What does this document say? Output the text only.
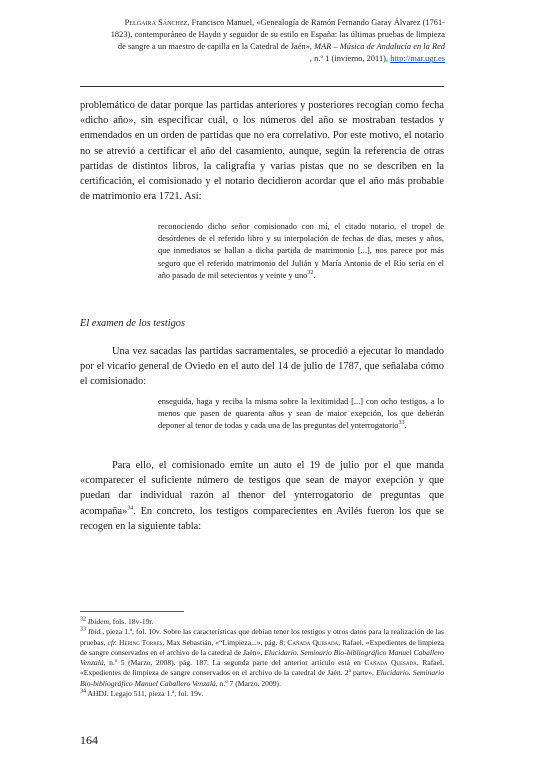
Pelgaira Sánchez, Francisco Manuel, «Genealogía de Ramón Fernando Garay Álvarez (1761-
1823), contemporáneo de Haydn y seguidor de su estilo en España: las últimas pruebas de limpieza
de sangre a un maestro de capilla en la Catedral de Jaén», MAR – Música de Andalucía en la Red
, n.º 1 (invierno, 2011), http://mar.ugr.es

problemático de datar porque las partidas anteriores y posteriores recogían como fecha «dicho año», sin especificar cuál, o los números del año se mostraban testados y enmendados en un orden de partidas que no era correlativo. Por este motivo, el notario no se atrevió a certificar el año del casamiento, aunque, según la referencia de otras partidas de distintos libros, la caligrafía y varias pistas que no se describen en la certificación, el comisionado y el notario decidieron acordar que el año más probable de matrimonio era 1721. Así:

reconociendo dicho señor comisionado con mí, el citado notario, el tropel de desórdenes de el referido libro y su interpolación de fechas de días, meses y años, que inmediatos se hallan a dicha partida de matrimonio [...], nos parece por más seguro que el referido matrimonio del Julián y María Antonia de el Río sería en el año pasado de mil setecientos y veinte y uno$^{32}$.

El examen de los testigos

Una vez sacadas las partidas sacramentales, se procedió a ejecutar lo mandado por el vicario general de Oviedo en el auto del 14 de julio de 1787, que señalaba cómo el comisionado:

enseguida, haga y reciba la misma sobre la lexitimidad [...] con ocho testigos, a lo menos que pasen de quarenta años y sean de maior exepción, los que deberán deponer al tenor de todas y cada una de las preguntas del ynterrogatorio$^{33}$.

Para ello, el comisionado emite un auto el 19 de julio por el que manda «comparecer el suficiente número de testigos que sean de mayor exepción y que puedan dar individual razón al thenor del ynterrogatorio de preguntas que acompaña»$^{34}$. En concreto, los testigos comparecientes en Avilés fueron los que se recogen en la siguiente tabla:

$^{32}$ Ibidem, fols. 18v-19r.

$^{33}$ Ibid., pieza 1.ª, fol. 10v. Sobre las características que debían tener los testigos y otros datos para la realización de las pruebas, cfr. Hering Torres, Max Sebastián, «“Limpieza...», pág. 8; Cañada Quesada, Rafael, «Expedientes de limpieza de sangre conservados en el archivo de la catedral de Jaén», Elucidario. Seminario Bio-bibliográfico Manuel Caballero Venzalá, n.º 5 (Marzo, 2008), pág. 187. La segunda parte del anterior artículo está en Cañada Quesada, Rafael, «Expedientes de limpieza de sangre conservados en el archivo de la catedral de Jaén. 2ª parte», Elucidario. Seminario Bio-bibliográfico Manuel Caballero Venzalá, n.º 7 (Marzo, 2009).

$^{34}$ AHDJ. Legajo 511, pieza 1.ª, fol. 19v.

164
